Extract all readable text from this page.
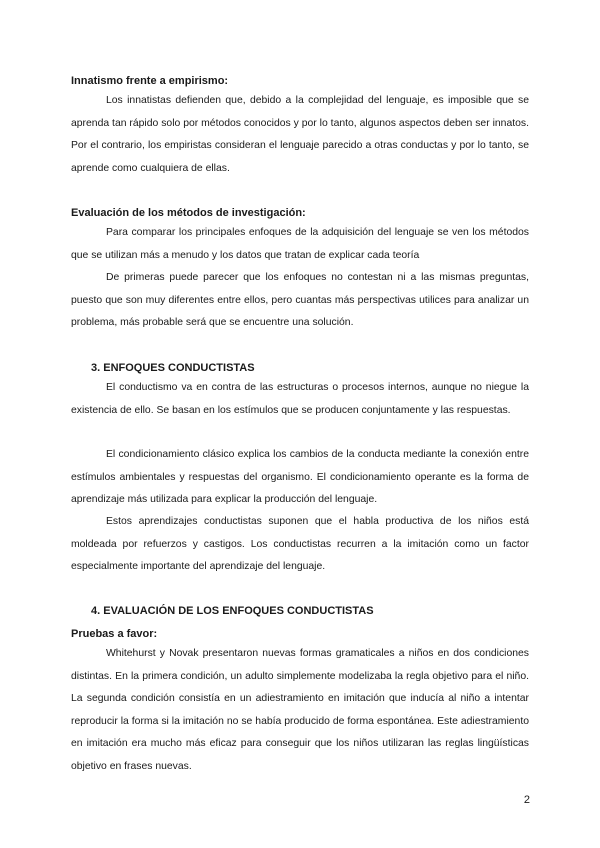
Innatismo frente a empirismo:

Los innatistas defienden que, debido a la complejidad del lenguaje, es imposible que se aprenda tan rápido solo por métodos conocidos y por lo tanto, algunos aspectos deben ser innatos. Por el contrario, los empiristas consideran el lenguaje parecido a otras conductas y por lo tanto, se aprende como cualquiera de ellas.

Evaluación de los métodos de investigación:

Para comparar los principales enfoques de la adquisición del lenguaje se ven los métodos que se utilizan más a menudo y los datos que tratan de explicar cada teoría

De primeras puede parecer que los enfoques no contestan ni a las mismas preguntas, puesto que son muy diferentes entre ellos, pero cuantas más perspectivas utilices para analizar un problema, más probable será que se encuentre una solución.

3. ENFOQUES CONDUCTISTAS

El conductismo va en contra de las estructuras o procesos internos, aunque no niegue la existencia de ello. Se basan en los estímulos que se producen conjuntamente y las respuestas.

El condicionamiento clásico explica los cambios de la conducta mediante la conexión entre estímulos ambientales y respuestas del organismo. El condicionamiento operante es la forma de aprendizaje más utilizada para explicar la producción del lenguaje.

Estos aprendizajes conductistas suponen que el habla productiva de los niños está moldeada por refuerzos y castigos. Los conductistas recurren a la imitación como un factor especialmente importante del aprendizaje del lenguaje.

4. EVALUACIÓN DE LOS ENFOQUES CONDUCTISTAS
Pruebas a favor:

Whitehurst y Novak presentaron nuevas formas gramaticales a niños en dos condiciones distintas. En la primera condición, un adulto simplemente modelizaba la regla objetivo para el niño. La segunda condición consistía en un adiestramiento en imitación que inducía al niño a intentar reproducir la forma si la imitación no se había producido de forma espontánea. Este adiestramiento en imitación era mucho más eficaz para conseguir que los niños utilizaran las reglas lingüísticas objetivo en frases nuevas.

2
